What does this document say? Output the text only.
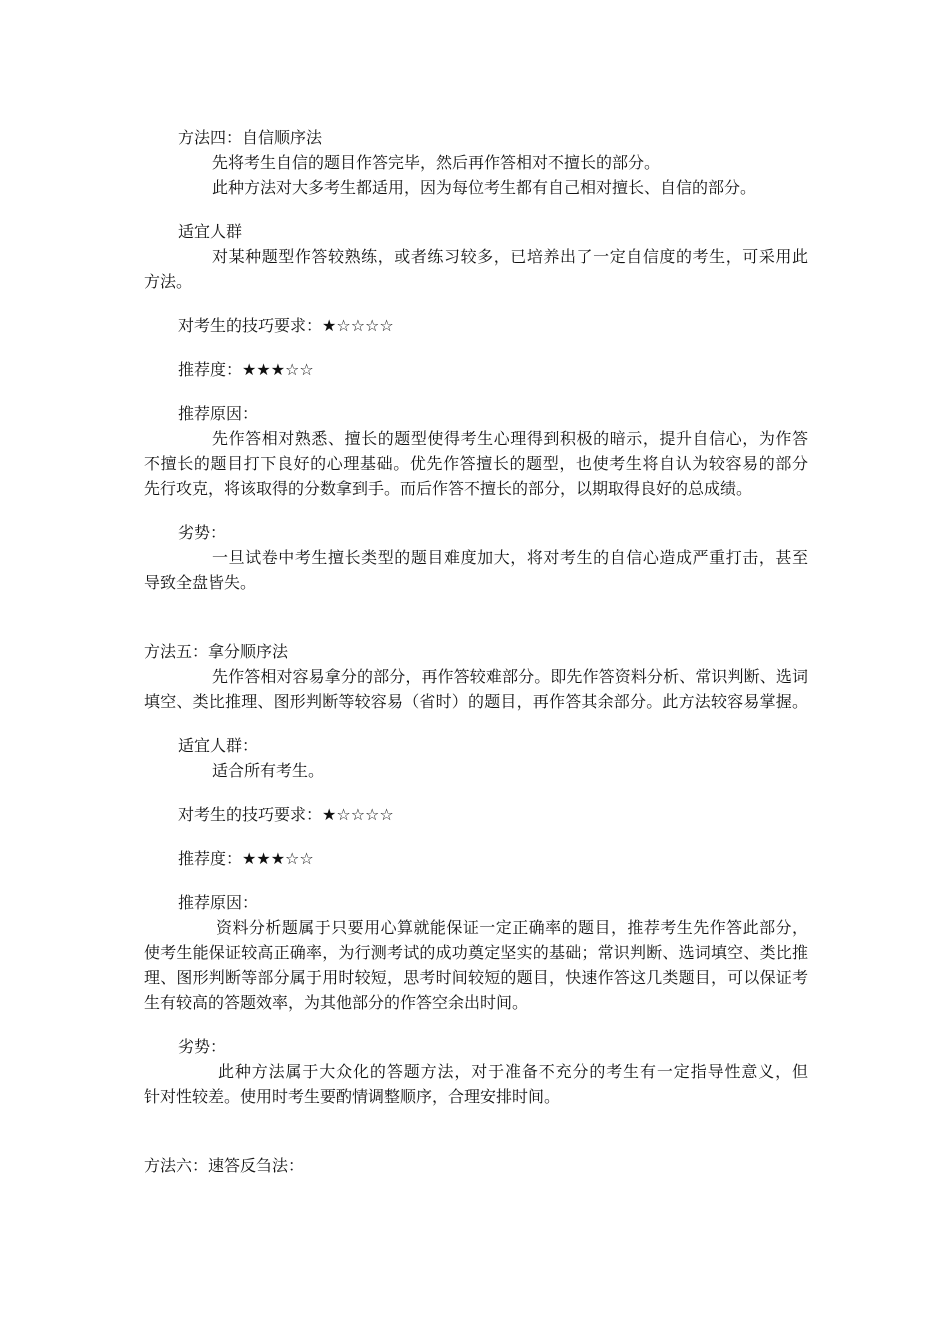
方法四：自信顺序法
先将考生自信的题目作答完毕，然后再作答相对不擅长的部分。
此种方法对大多考生都适用，因为每位考生都有自己相对擅长、自信的部分。
适宜人群
对某种题型作答较熟练，或者练习较多，已培养出了一定自信度的考生，可采用此
方法。
对考生的技巧要求：★☆☆☆☆
推荐度：★★★☆☆
推荐原因：
先作答相对熟悉、擅长的题型使得考生心理得到积极的暗示，提升自信心，为作答
不擅长的题目打下良好的心理基础。优先作答擅长的题型，也使考生将自认为较容易的部分
先行攻克，将该取得的分数拿到手。而后作答不擅长的部分，以期取得良好的总成绩。
劣势：
一旦试卷中考生擅长类型的题目难度加大，将对考生的自信心造成严重打击，甚至
导致全盘皆失。
方法五：拿分顺序法
先作答相对容易拿分的部分，再作答较难部分。即先作答资料分析、常识判断、选词
填空、类比推理、图形判断等较容易（省时）的题目，再作答其余部分。此方法较容易掌握。
适宜人群：
适合所有考生。
对考生的技巧要求：★☆☆☆☆
推荐度：★★★☆☆
推荐原因：
资料分析题属于只要用心算就能保证一定正确率的题目，推荐考生先作答此部分，
使考生能保证较高正确率，为行测考试的成功奠定坚实的基础；常识判断、选词填空、类比推
理、图形判断等部分属于用时较短，思考时间较短的题目，快速作答这几类题目，可以保证考
生有较高的答题效率，为其他部分的作答空余出时间。
劣势：
此种方法属于大众化的答题方法，对于准备不充分的考生有一定指导性意义，但
针对性较差。使用时考生要酌情调整顺序，合理安排时间。
方法六：速答反刍法：
